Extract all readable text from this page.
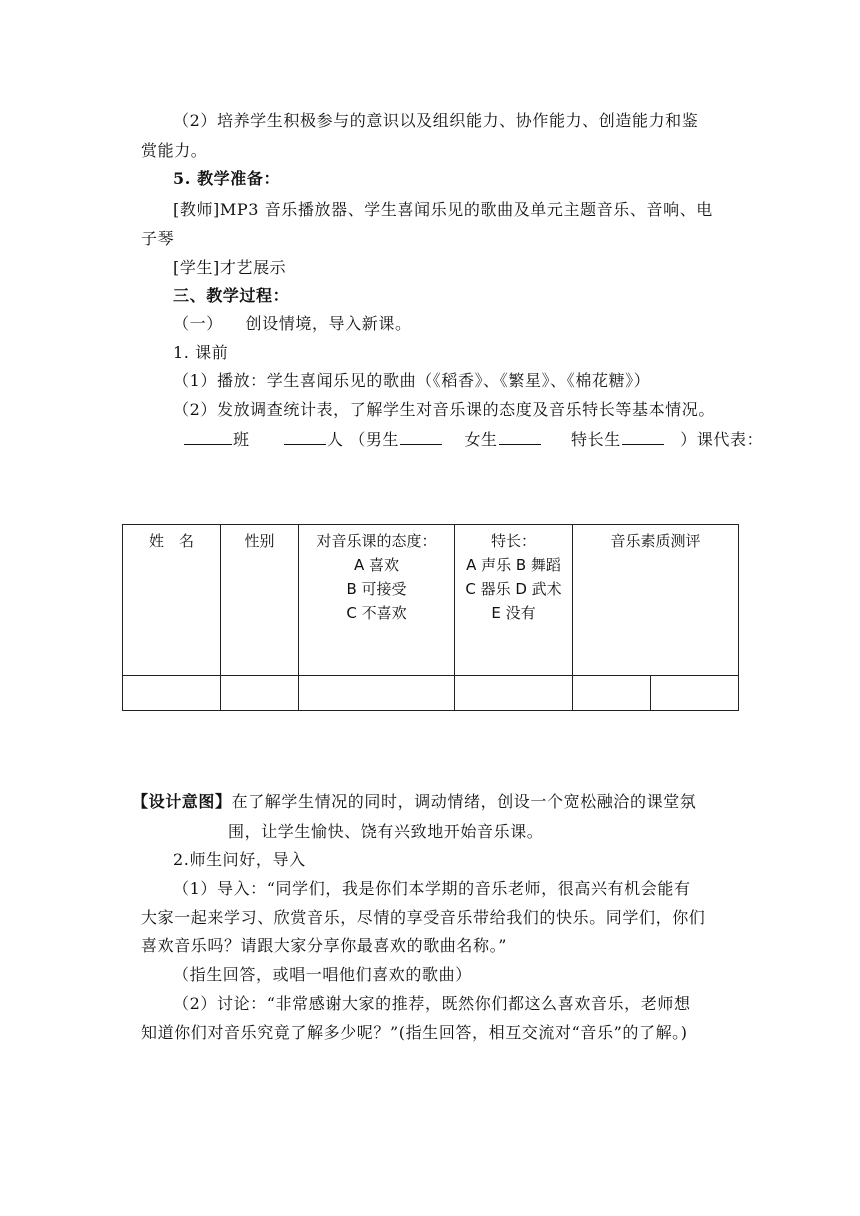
（2）培养学生积极参与的意识以及组织能力、协作能力、创造能力和鉴
赏能力。
5. 教学准备：
[教师]MP3 音乐播放器、学生喜闻乐见的歌曲及单元主题音乐、音响、电
子琴
[学生]才艺展示
三、教学过程：
（一）    创设情境，导入新课。
1. 课前
（1）播放：学生喜闻乐见的歌曲（《稻香》、《繁星》、《棉花糖》）
（2）发放调查统计表，了解学生对音乐课的态度及音乐特长等基本情况。
班	人 （男生	女生	特长生	）课代表：
姓　名	性别	对音乐课的态度：
A 喜欢
B 可接受
C 不喜欢	特长：
A 声乐 B 舞蹈
C 器乐 D 武术
E 没有	音乐素质测评	

【设计意图】在了解学生情况的同时，调动情绪，创设一个宽松融洽的课堂氛
围，让学生愉快、饶有兴致地开始音乐课。
2.师生问好，导入
（1）导入：“同学们，我是你们本学期的音乐老师，很高兴有机会能有
大家一起来学习、欣赏音乐，尽情的享受音乐带给我们的快乐。同学们，你们
喜欢音乐吗？请跟大家分享你最喜欢的歌曲名称。”
（指生回答，或唱一唱他们喜欢的歌曲）
（2）讨论：“非常感谢大家的推荐，既然你们都这么喜欢音乐，老师想
知道你们对音乐究竟了解多少呢？”(指生回答，相互交流对“音乐”的了解。)
